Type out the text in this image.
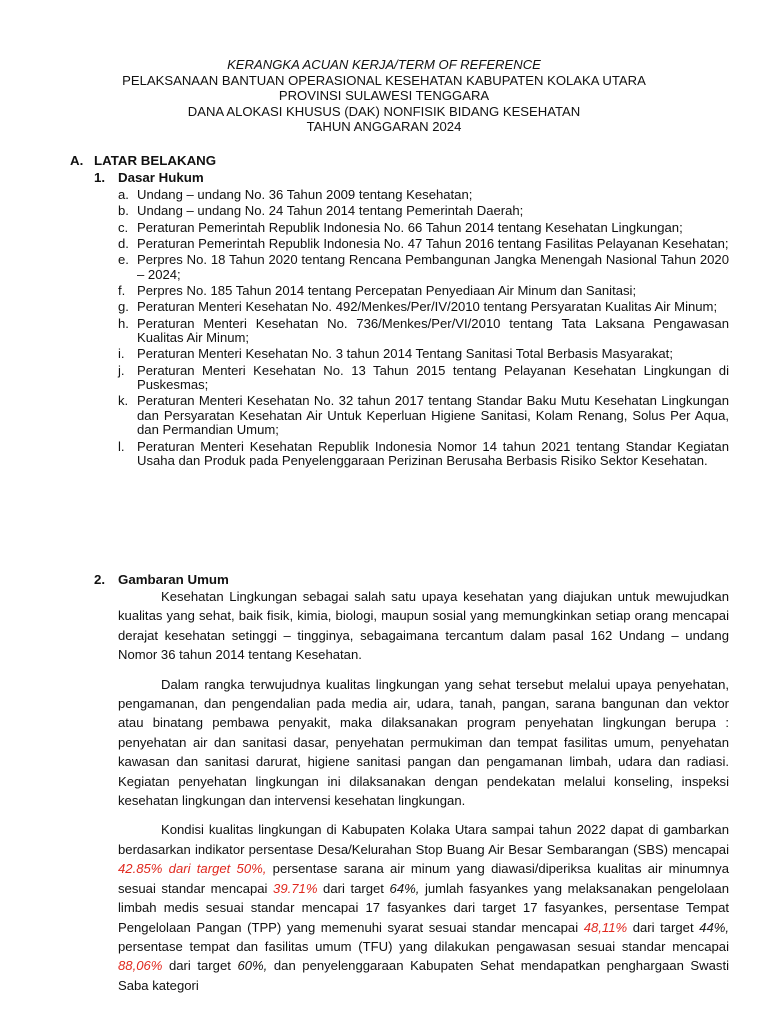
KERANGKA ACUAN KERJA/TERM OF REFERENCE
PELAKSANAAN BANTUAN OPERASIONAL KESEHATAN KABUPATEN KOLAKA UTARA
PROVINSI SULAWESI TENGGARA
DANA ALOKASI KHUSUS (DAK) NONFISIK BIDANG KESEHATAN
TAHUN ANGGARAN 2024
A. LATAR BELAKANG
1. Dasar Hukum
a. Undang – undang No. 36 Tahun 2009 tentang Kesehatan;
b. Undang – undang No. 24 Tahun 2014 tentang Pemerintah Daerah;
c. Peraturan Pemerintah Republik Indonesia No. 66 Tahun 2014 tentang Kesehatan Lingkungan;
d. Peraturan Pemerintah Republik Indonesia No. 47 Tahun 2016 tentang Fasilitas Pelayanan Kesehatan;
e. Perpres No. 18 Tahun 2020 tentang Rencana Pembangunan Jangka Menengah Nasional Tahun 2020 – 2024;
f. Perpres No. 185 Tahun 2014 tentang Percepatan Penyediaan Air Minum dan Sanitasi;
g. Peraturan Menteri Kesehatan No. 492/Menkes/Per/IV/2010 tentang Persyaratan Kualitas Air Minum;
h. Peraturan Menteri Kesehatan No. 736/Menkes/Per/VI/2010 tentang Tata Laksana Pengawasan Kualitas Air Minum;
i. Peraturan Menteri Kesehatan No. 3 tahun 2014 Tentang Sanitasi Total Berbasis Masyarakat;
j. Peraturan Menteri Kesehatan No. 13 Tahun 2015 tentang Pelayanan Kesehatan Lingkungan di Puskesmas;
k. Peraturan Menteri Kesehatan No. 32 tahun 2017 tentang Standar Baku Mutu Kesehatan Lingkungan dan Persyaratan Kesehatan Air Untuk Keperluan Higiene Sanitasi, Kolam Renang, Solus Per Aqua, dan Permandian Umum;
l. Peraturan Menteri Kesehatan Republik Indonesia Nomor 14 tahun 2021 tentang Standar Kegiatan Usaha dan Produk pada Penyelenggaraan Perizinan Berusaha Berbasis Risiko Sektor Kesehatan.
2. Gambaran Umum

Kesehatan Lingkungan sebagai salah satu upaya kesehatan yang diajukan untuk mewujudkan kualitas yang sehat, baik fisik, kimia, biologi, maupun sosial yang memungkinkan setiap orang mencapai derajat kesehatan setinggi – tingginya, sebagaimana tercantum dalam pasal 162 Undang – undang Nomor 36 tahun 2014 tentang Kesehatan.

Dalam rangka terwujudnya kualitas lingkungan yang sehat tersebut melalui upaya penyehatan, pengamanan, dan pengendalian pada media air, udara, tanah, pangan, sarana bangunan dan vektor atau binatang pembawa penyakit, maka dilaksanakan program penyehatan lingkungan berupa : penyehatan air dan sanitasi dasar, penyehatan permukiman dan tempat fasilitas umum, penyehatan kawasan dan sanitasi darurat, higiene sanitasi pangan dan pengamanan limbah, udara dan radiasi. Kegiatan penyehatan lingkungan ini dilaksanakan dengan pendekatan melalui konseling, inspeksi kesehatan lingkungan dan intervensi kesehatan lingkungan.

Kondisi kualitas lingkungan di Kabupaten Kolaka Utara sampai tahun 2022 dapat di gambarkan berdasarkan indikator persentase Desa/Kelurahan Stop Buang Air Besar Sembarangan (SBS) mencapai 42.85% dari target 50%, persentase sarana air minum yang diawasi/diperiksa kualitas air minumnya sesuai standar mencapai 39.71% dari target 64%, jumlah fasyankes yang melaksanakan pengelolaan limbah medis sesuai standar mencapai 17 fasyankes dari target 17 fasyankes, persentase Tempat Pengelolaan Pangan (TPP) yang memenuhi syarat sesuai standar mencapai 48,11% dari target 44%, persentase tempat dan fasilitas umum (TFU) yang dilakukan pengawasan sesuai standar mencapai 88,06% dari target 60%, dan penyelenggaraan Kabupaten Sehat mendapatkan penghargaan Swasti Saba kategori
